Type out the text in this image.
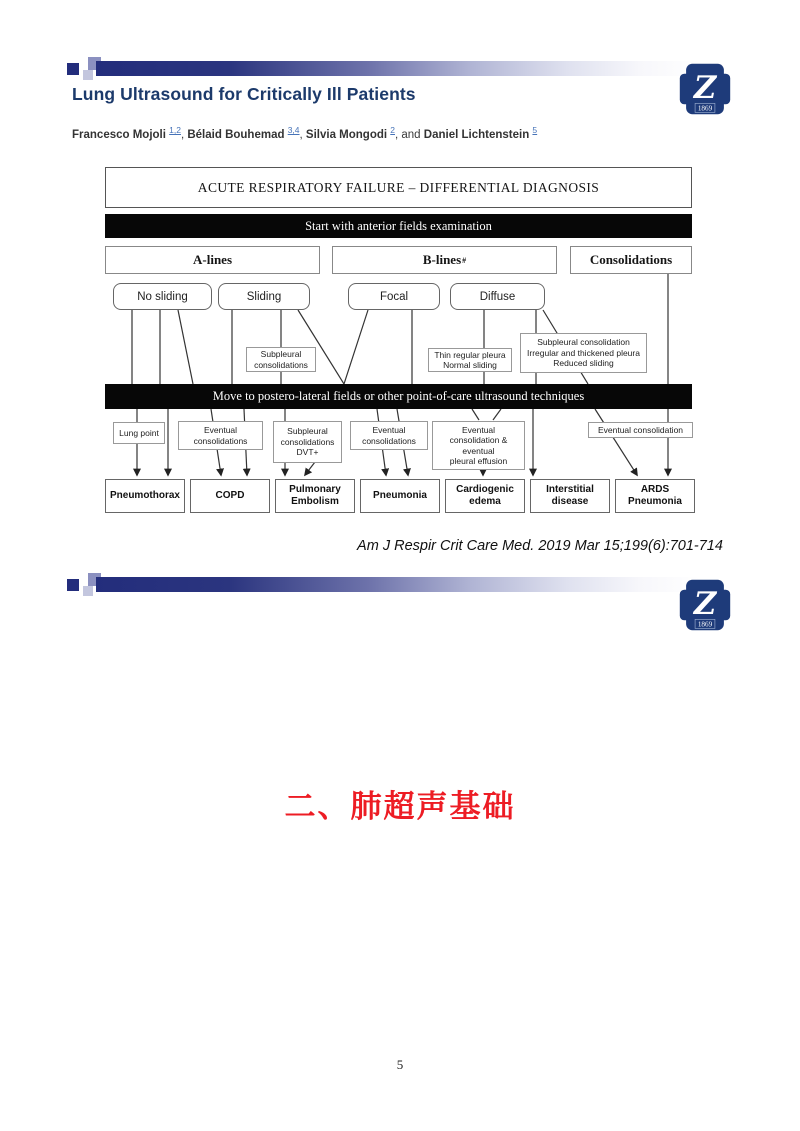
Z
1869
Lung Ultrasound for Critically Ill Patients
Francesco Mojoli $^{1,2}$, Bélaid Bouhemad $^{3,4}$, Silvia Mongodi $^2$, and Daniel Lichtenstein $^5$
ACUTE RESPIRATORY FAILURE – DIFFERENTIAL DIAGNOSIS
Start with anterior fields examination
A-lines	B-lines #	Consolidations
No sliding	Sliding	Focal	Diffuse
Subpleural
consolidations
Thin regular pleura
Normal sliding
Subpleural consolidation
Irregular and thickened pleura
Reduced sliding
Move to postero-lateral fields or other point-of-care ultrasound techniques
Lung point	Eventual
consolidations
Subpleural
consolidations
DVT+
Eventual
consolidations
Eventual
consolidation &
eventual
pleural effusion
Eventual consolidation
Pneumothorax	COPD
Pulmonary Embolism
Pneumonia
Cardiogenic edema
Interstitial disease
ARDS Pneumonia
Am J Respir Crit Care Med. 2019 Mar 15;199(6):701-714
Z
1869
二、肺超声基础
5
